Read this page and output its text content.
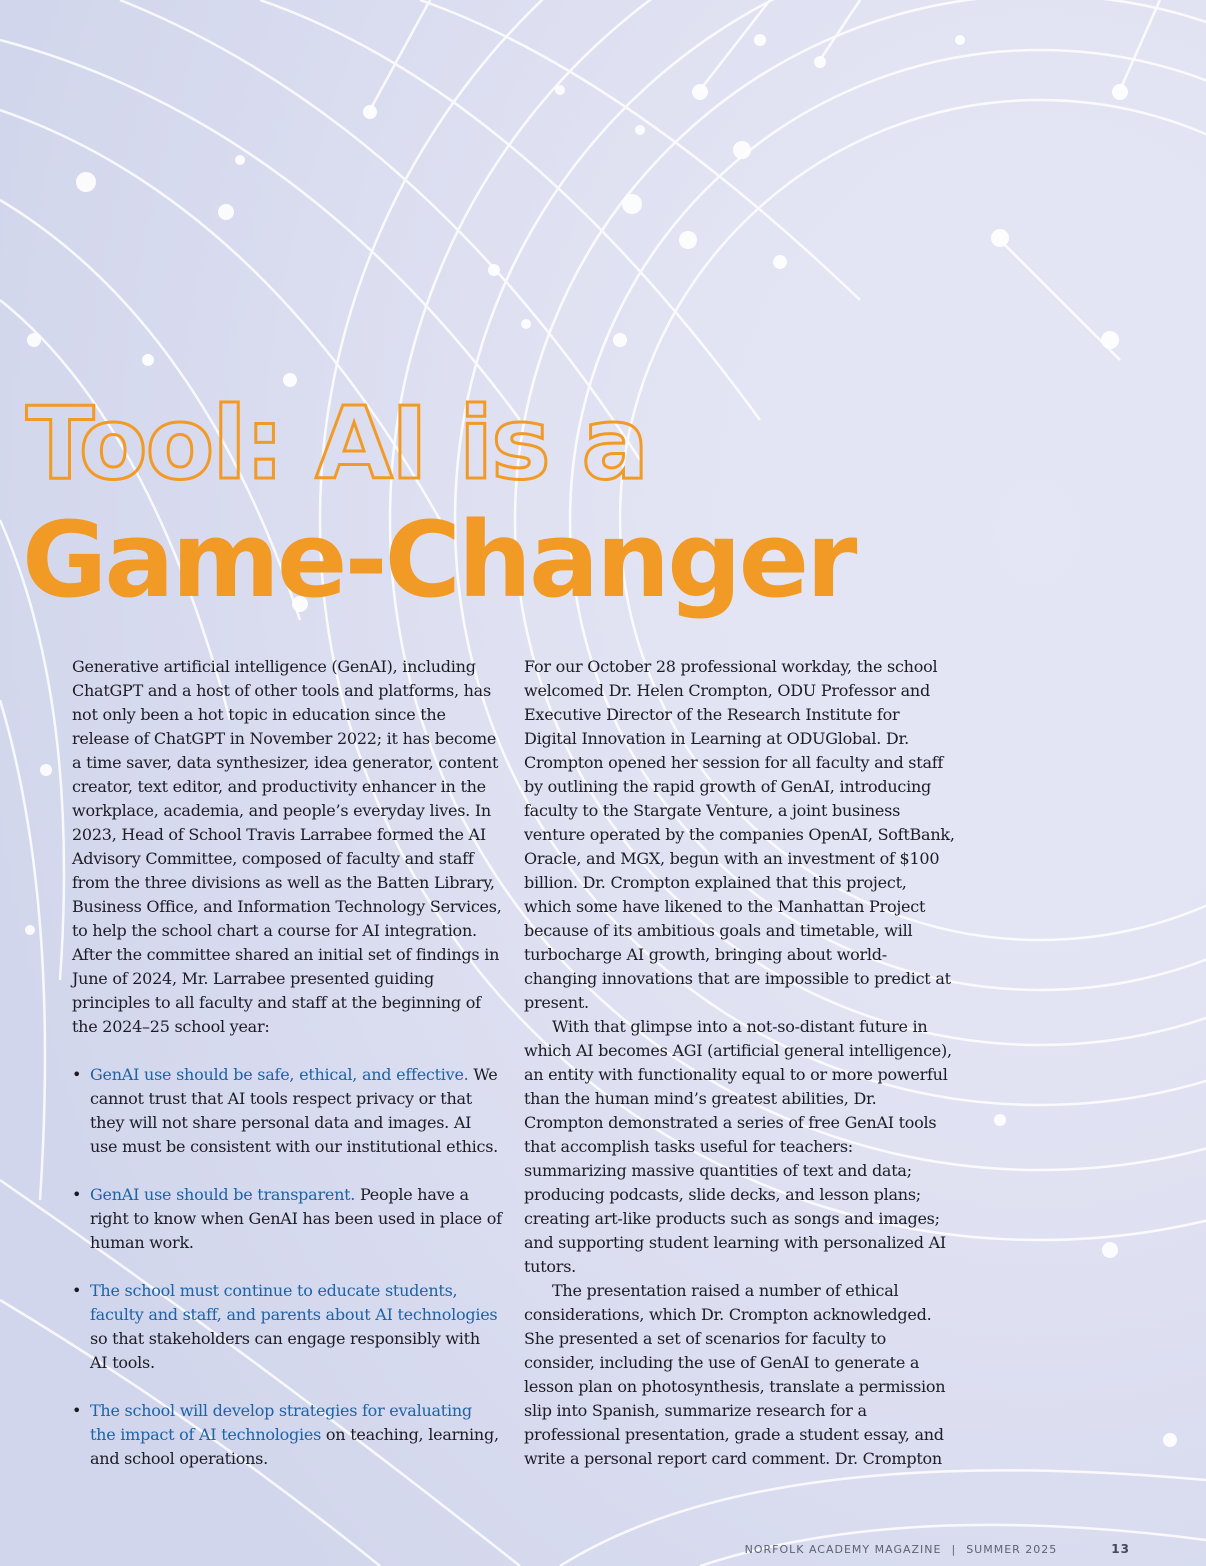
Tool: AI is a
Game-Changer

Generative artificial intelligence (GenAI), including ChatGPT and a host of other tools and platforms, has not only been a hot topic in education since the release of ChatGPT in November 2022; it has become a time saver, data synthesizer, idea generator, content creator, text editor, and productivity enhancer in the workplace, academia, and people’s everyday lives. In 2023, Head of School Travis Larrabee formed the AI Advisory Committee, composed of faculty and staff from the three divisions as well as the Batten Library, Business Office, and Information Technology Services, to help the school chart a course for AI integration. After the committee shared an initial set of findings in June of 2024, Mr. Larrabee presented guiding principles to all faculty and staff at the beginning of the 2024–25 school year:

• GenAI use should be safe, ethical, and effective. We cannot trust that AI tools respect privacy or that they will not share personal data and images. AI use must be consistent with our institutional ethics.
• GenAI use should be transparent. People have a right to know when GenAI has been used in place of human work.
• The school must continue to educate students, faculty and staff, and parents about AI technologies so that stakeholders can engage responsibly with AI tools.
• The school will develop strategies for evaluating the impact of AI technologies on teaching, learning, and school operations.

For our October 28 professional workday, the school welcomed Dr. Helen Crompton, ODU Professor and Executive Director of the Research Institute for Digital Innovation in Learning at ODUGlobal. Dr. Crompton opened her session for all faculty and staff by outlining the rapid growth of GenAI, introducing faculty to the Stargate Venture, a joint business venture operated by the companies OpenAI, SoftBank, Oracle, and MGX, begun with an investment of $100 billion. Dr. Crompton explained that this project, which some have likened to the Manhattan Project because of its ambitious goals and timetable, will turbocharge AI growth, bringing about world-changing innovations that are impossible to predict at present.

With that glimpse into a not-so-distant future in which AI becomes AGI (artificial general intelligence), an entity with functionality equal to or more powerful than the human mind’s greatest abilities, Dr. Crompton demonstrated a series of free GenAI tools that accomplish tasks useful for teachers: summarizing massive quantities of text and data; producing podcasts, slide decks, and lesson plans; creating art-like products such as songs and images; and supporting student learning with personalized AI tutors.

The presentation raised a number of ethical considerations, which Dr. Crompton acknowledged. She presented a set of scenarios for faculty to consider, including the use of GenAI to generate a lesson plan on photosynthesis, translate a permission slip into Spanish, summarize research for a professional presentation, grade a student essay, and write a personal report card comment. Dr. Crompton

NORFOLK ACADEMY MAGAZINE | SUMMER 2025	13
